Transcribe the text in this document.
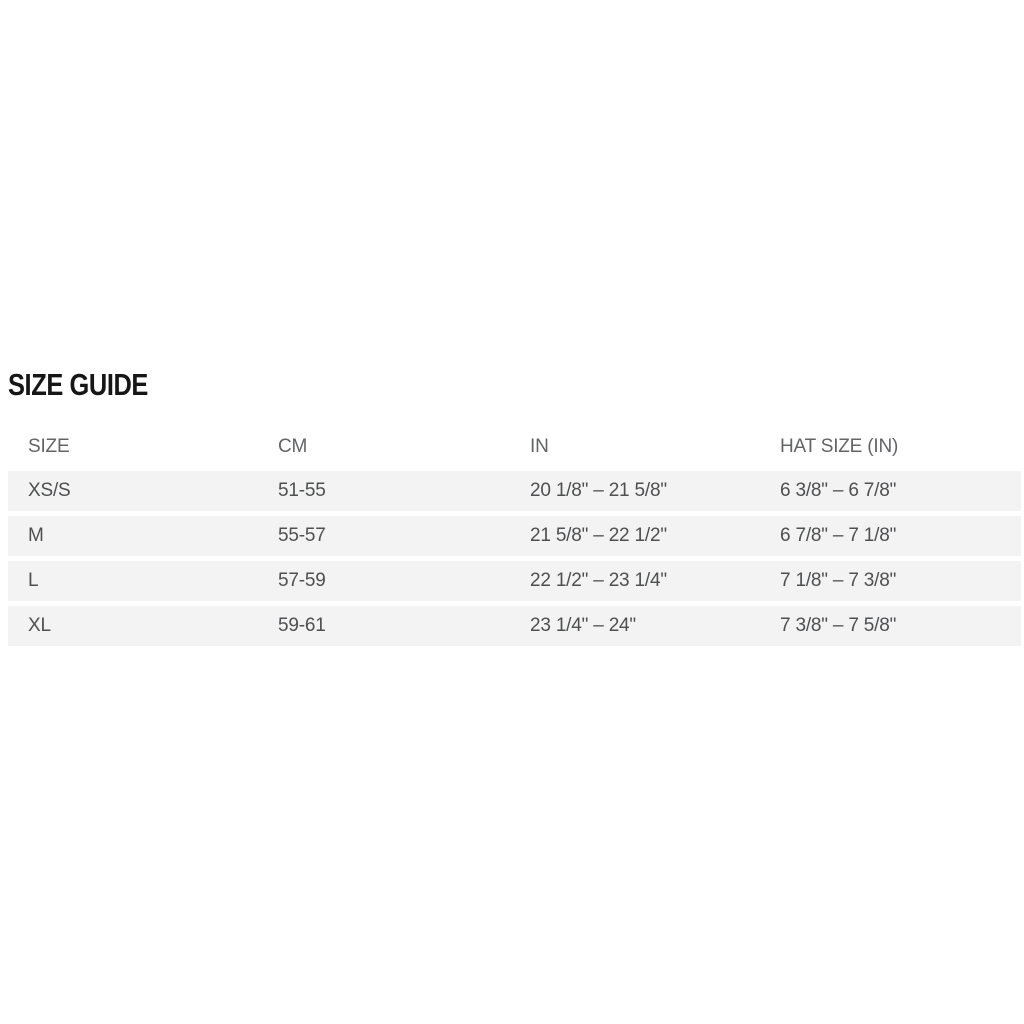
SIZE GUIDE
SIZE	CM	IN	HAT SIZE (IN)
XS/S	51-55	20 1/8" – 21 5/8"	6 3/8" – 6 7/8"
M	55-57	21 5/8" – 22 1/2"	6 7/8" – 7 1/8"
L	57-59	22 1/2" – 23 1/4"	7 1/8" – 7 3/8"
XL	59-61	23 1/4" – 24"	7 3/8" – 7 5/8"
